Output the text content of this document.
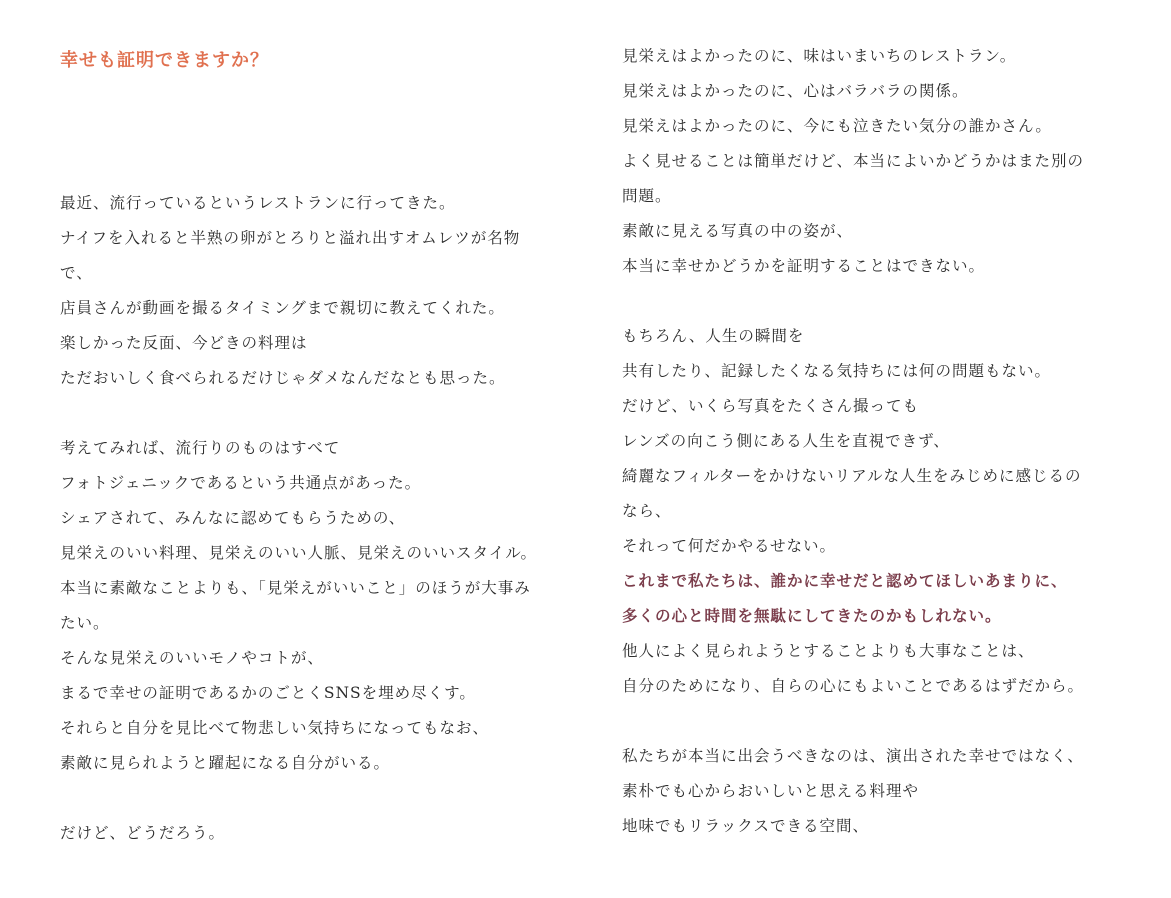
幸せも証明できますか？
最近、流行っているというレストランに行ってきた。
ナイフを入れると半熟の卵がとろりと溢れ出すオムレツが名物
で、
店員さんが動画を撮るタイミングまで親切に教えてくれた。
楽しかった反面、今どきの料理は
ただおいしく食べられるだけじゃダメなんだなとも思った。
考えてみれば、流行りのものはすべて
フォトジェニックであるという共通点があった。
シェアされて、みんなに認めてもらうための、
見栄えのいい料理、見栄えのいい人脈、見栄えのいいスタイル。
本当に素敵なことよりも、「見栄えがいいこと」のほうが大事み
たい。
そんな見栄えのいいモノやコトが、
まるで幸せの証明であるかのごとくSNSを埋め尽くす。
それらと自分を見比べて物悲しい気持ちになってもなお、
素敵に見られようと躍起になる自分がいる。
だけど、どうだろう。
見栄えはよかったのに、味はいまいちのレストラン。
見栄えはよかったのに、心はバラバラの関係。
見栄えはよかったのに、今にも泣きたい気分の誰かさん。
よく見せることは簡単だけど、本当によいかどうかはまた別の
問題。
素敵に見える写真の中の姿が、
本当に幸せかどうかを証明することはできない。
もちろん、人生の瞬間を
共有したり、記録したくなる気持ちには何の問題もない。
だけど、いくら写真をたくさん撮っても
レンズの向こう側にある人生を直視できず、
綺麗なフィルターをかけないリアルな人生をみじめに感じるの
なら、
それって何だかやるせない。
これまで私たちは、誰かに幸せだと認めてほしいあまりに、
多くの心と時間を無駄にしてきたのかもしれない。
他人によく見られようとすることよりも大事なことは、
自分のためになり、自らの心にもよいことであるはずだから。
私たちが本当に出会うべきなのは、演出された幸せではなく、
素朴でも心からおいしいと思える料理や
地味でもリラックスできる空間、
